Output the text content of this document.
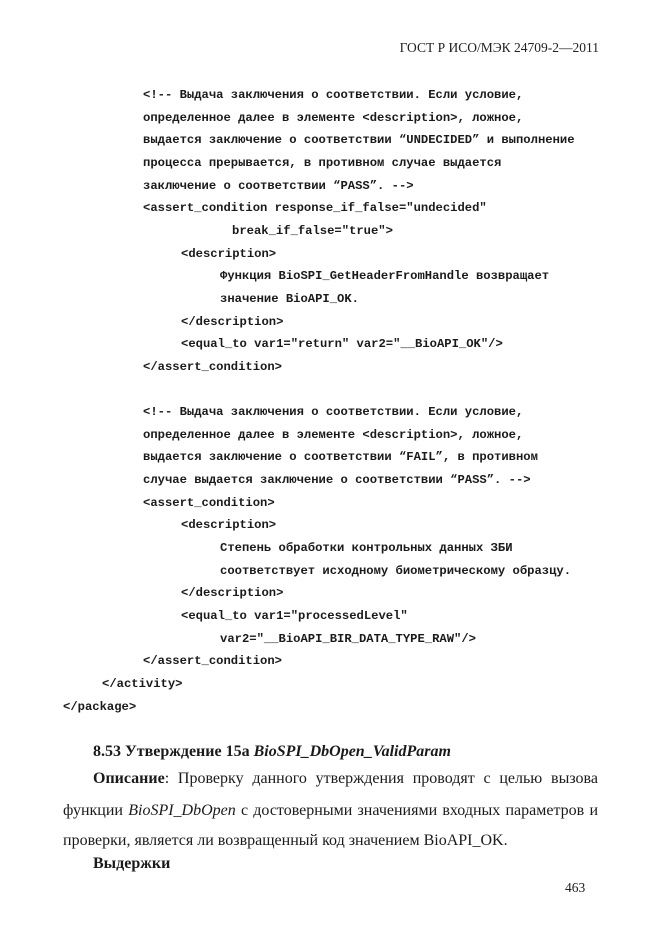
ГОСТ Р ИСО/МЭК 24709-2—2011

<!-- Выдача заключения о соответствии. Если условие,

определенное далее в элементе <description>, ложное,

выдается заключение о соответствии “UNDECIDED” и выполнение

процесса прерывается, в противном случае выдается

заключение о соответствии “PASS”. -->

<assert_condition response_if_false="undecided"

break_if_false="true">

<description>

Функция BioSPI_GetHeaderFromHandle возвращает

значение BioAPI_OK.

</description>

<equal_to var1="return" var2="__BioAPI_OK"/>

</assert_condition>

<!-- Выдача заключения о соответствии. Если условие,

определенное далее в элементе <description>, ложное,

выдается заключение о соответствии “FAIL”, в противном

случае выдается заключение о соответствии “PASS”. -->

<assert_condition>

<description>

Степень обработки контрольных данных ЗБИ

соответствует исходному биометрическому образцу.

</description>

<equal_to var1="processedLevel"

var2="__BioAPI_BIR_DATA_TYPE_RAW"/>

</assert_condition>

</activity>

</package>

8.53 Утверждение 15а BioSPI_DbOpen_ValidParam
Описание: Проверку данного утверждения проводят с целью вызова
функции BioSPI_DbOpen с достоверными значениями входных параметров и
проверки, является ли возвращенный код значением BioAPI_OK.
Выдержки
463
